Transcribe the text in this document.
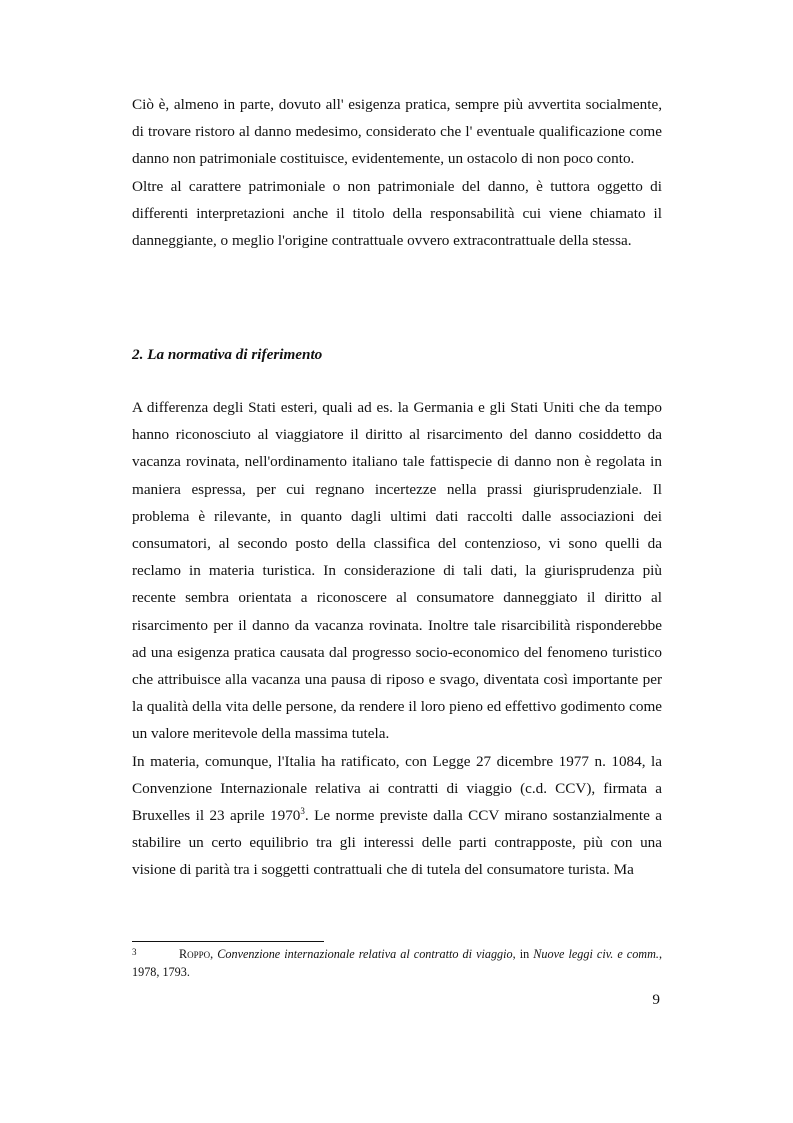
Ciò è, almeno in parte, dovuto all' esigenza pratica, sempre più avvertita socialmente, di trovare ristoro al danno medesimo, considerato che l' eventuale qualificazione come danno non patrimoniale costituisce, evidentemente, un ostacolo di non poco conto.

Oltre al carattere patrimoniale o non patrimoniale del danno, è tuttora oggetto di differenti interpretazioni anche il titolo della responsabilità cui viene chiamato il danneggiante, o meglio l'origine contrattuale ovvero extracontrattuale della stessa.

2. La normativa di riferimento

A differenza degli Stati esteri, quali ad es. la Germania e gli Stati Uniti che da tempo hanno riconosciuto al viaggiatore il diritto al risarcimento del danno cosiddetto da vacanza rovinata, nell'ordinamento italiano tale fattispecie di danno non è regolata in maniera espressa, per cui regnano incertezze nella prassi giurisprudenziale. Il problema è rilevante, in quanto dagli ultimi dati raccolti dalle associazioni dei consumatori, al secondo posto della classifica del contenzioso, vi sono quelli da reclamo in materia turistica. In considerazione di tali dati, la giurisprudenza più recente sembra orientata a riconoscere al consumatore danneggiato il diritto al risarcimento per il danno da vacanza rovinata. Inoltre tale risarcibilità risponderebbe ad una esigenza pratica causata dal progresso socio-economico del fenomeno turistico che attribuisce alla vacanza una pausa di riposo e svago, diventata così importante per la qualità della vita delle persone, da rendere il loro pieno ed effettivo godimento come un valore meritevole della massima tutela.

In materia, comunque, l'Italia ha ratificato, con Legge 27 dicembre 1977 n. 1084, la Convenzione Internazionale relativa ai contratti di viaggio (c.d. CCV), firmata a Bruxelles il 23 aprile 1970$^3$. Le norme previste dalla CCV mirano sostanzialmente a stabilire un certo equilibrio tra gli interessi delle parti contrapposte, più con una visione di parità tra i soggetti contrattuali che di tutela del consumatore turista. Ma

3	Roppo, Convenzione internazionale relativa al contratto di viaggio, in Nuove leggi civ. e comm., 1978, 1793.
9
